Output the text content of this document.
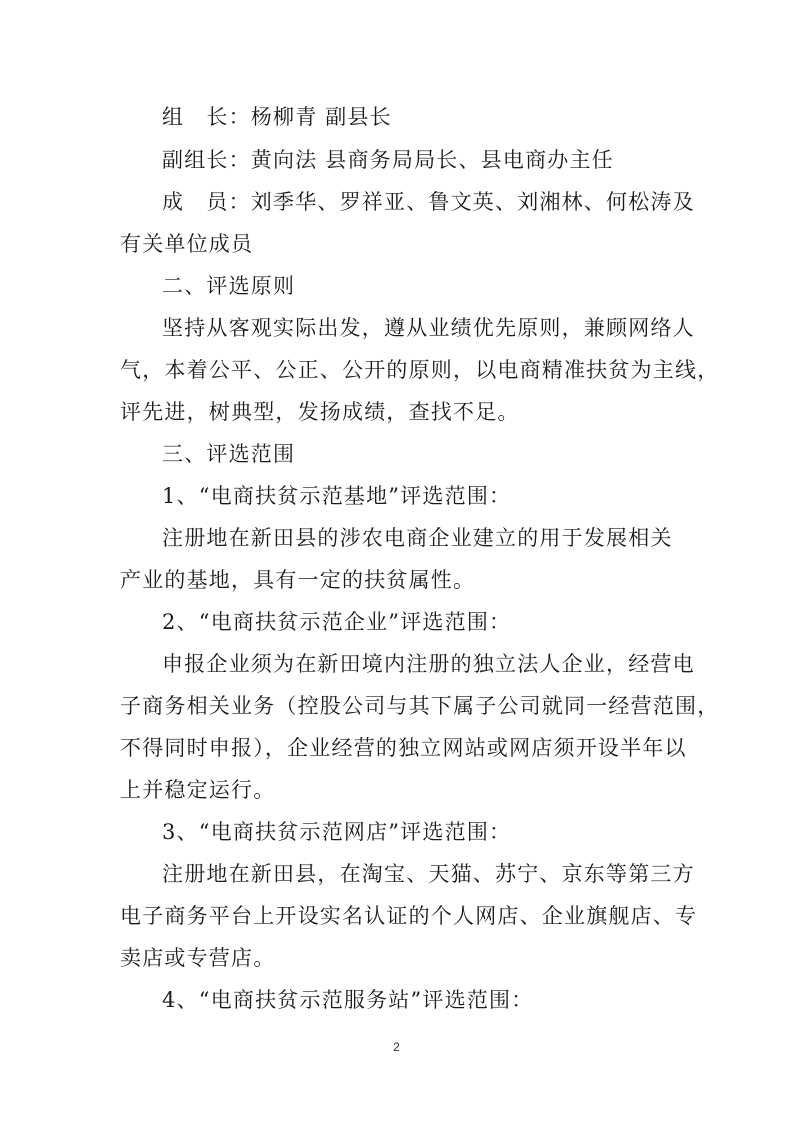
组　长：杨柳青 副县长
副组长：黄向法 县商务局局长、县电商办主任
成　员：刘季华、罗祥亚、鲁文英、刘湘林、何松涛及
有关单位成员
二、评选原则
坚持从客观实际出发，遵从业绩优先原则，兼顾网络人
气，本着公平、公正、公开的原则，以电商精准扶贫为主线，
评先进，树典型，发扬成绩，查找不足。
三、评选范围
1、“电商扶贫示范基地”评选范围：
注册地在新田县的涉农电商企业建立的用于发展相关
产业的基地，具有一定的扶贫属性。
2、“电商扶贫示范企业”评选范围：
申报企业须为在新田境内注册的独立法人企业，经营电
子商务相关业务（控股公司与其下属子公司就同一经营范围，
不得同时申报），企业经营的独立网站或网店须开设半年以
上并稳定运行。
3、“电商扶贫示范网店”评选范围：
注册地在新田县，在淘宝、天猫、苏宁、京东等第三方
电子商务平台上开设实名认证的个人网店、企业旗舰店、专
卖店或专营店。
4、“电商扶贫示范服务站”评选范围：
2
